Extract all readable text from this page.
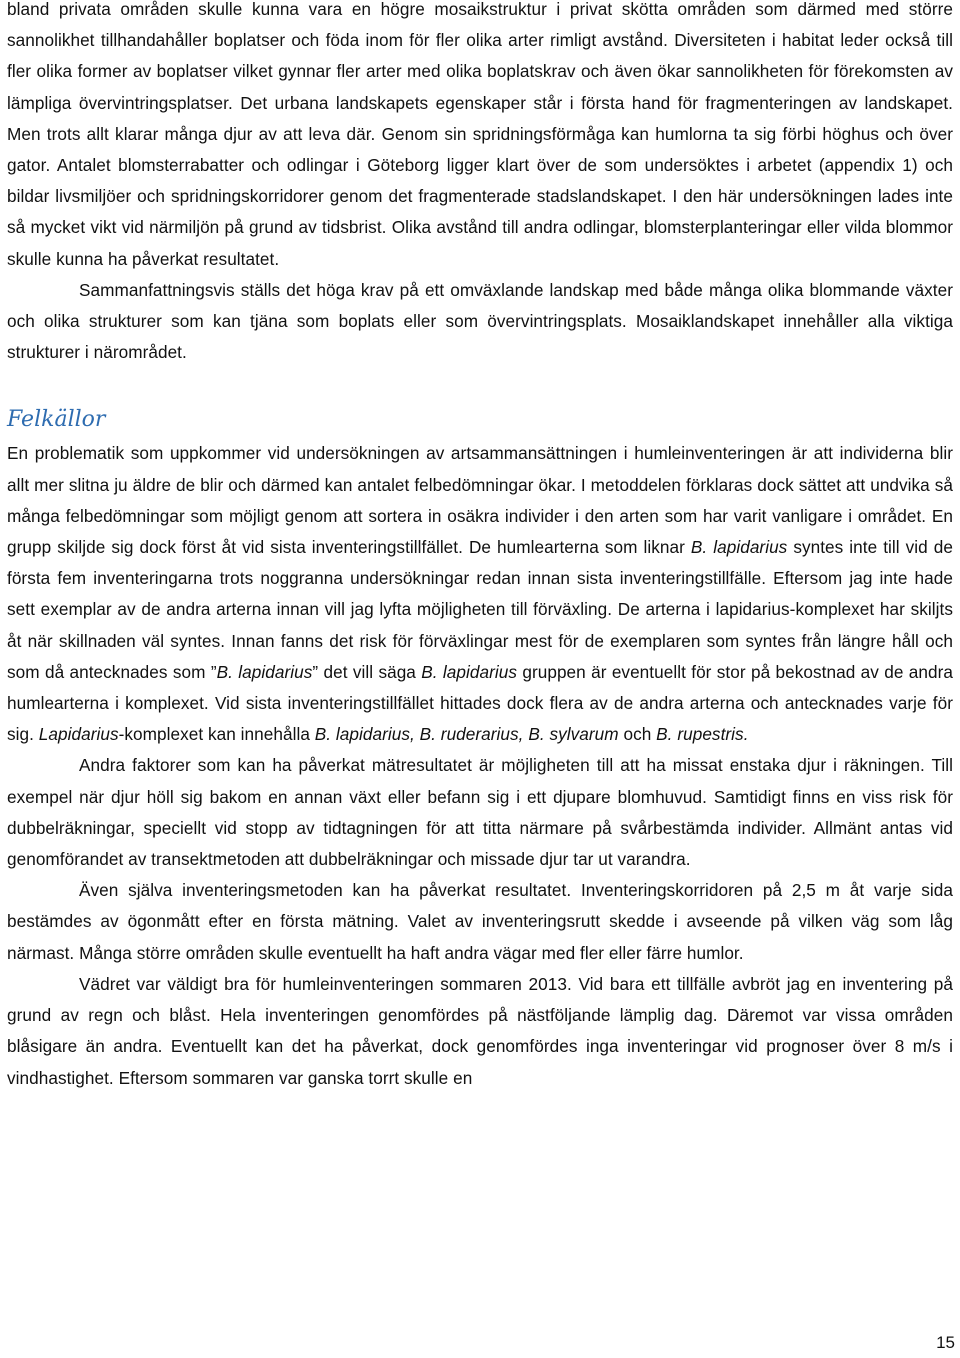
bland privata områden skulle kunna vara en högre mosaikstruktur i privat skötta områden som därmed med större sannolikhet tillhandahåller boplatser och föda inom för fler olika arter rimligt avstånd. Diversiteten i habitat leder också till fler olika former av boplatser vilket gynnar fler arter med olika boplatskrav och även ökar sannolikheten för förekomsten av lämpliga övervintringsplatser. Det urbana landskapets egenskaper står i första hand för fragmenteringen av landskapet. Men trots allt klarar många djur av att leva där. Genom sin spridningsförmåga kan humlorna ta sig förbi höghus och över gator. Antalet blomsterrabatter och odlingar i Göteborg ligger klart över de som undersöktes i arbetet (appendix 1) och bildar livsmiljöer och spridningskorridorer genom det fragmenterade stadslandskapet. I den här undersökningen lades inte så mycket vikt vid närmiljön på grund av tidsbrist. Olika avstånd till andra odlingar, blomsterplanteringar eller vilda blommor skulle kunna ha påverkat resultatet.

Sammanfattningsvis ställs det höga krav på ett omväxlande landskap med både många olika blommande växter och olika strukturer som kan tjäna som boplats eller som övervintringsplats. Mosaiklandskapet innehåller alla viktiga strukturer i närområdet.

Felkällor

En problematik som uppkommer vid undersökningen av artsammansättningen i humleinventeringen är att individerna blir allt mer slitna ju äldre de blir och därmed kan antalet felbedömningar ökar. I metoddelen förklaras dock sättet att undvika så många felbedömningar som möjligt genom att sortera in osäkra individer i den arten som har varit vanligare i området. En grupp skiljde sig dock först åt vid sista inventeringstillfället. De humlearterna som liknar B. lapidarius syntes inte till vid de första fem inventeringarna trots noggranna undersökningar redan innan sista inventeringstillfälle. Eftersom jag inte hade sett exemplar av de andra arterna innan vill jag lyfta möjligheten till förväxling. De arterna i lapidarius-komplexet har skiljts åt när skillnaden väl syntes. Innan fanns det risk för förväxlingar mest för de exemplaren som syntes från längre håll och som då antecknades som ”B. lapidarius” det vill säga B. lapidarius gruppen är eventuellt för stor på bekostnad av de andra humlearterna i komplexet. Vid sista inventeringstillfället hittades dock flera av de andra arterna och antecknades varje för sig. Lapidarius-komplexet kan innehålla B. lapidarius, B. ruderarius, B. sylvarum och B. rupestris.

Andra faktorer som kan ha påverkat mätresultatet är möjligheten till att ha missat enstaka djur i räkningen. Till exempel när djur höll sig bakom en annan växt eller befann sig i ett djupare blomhuvud. Samtidigt finns en viss risk för dubbelräkningar, speciellt vid stopp av tidtagningen för att titta närmare på svårbestämda individer. Allmänt antas vid genomförandet av transektmetoden att dubbelräkningar och missade djur tar ut varandra.

Även själva inventeringsmetoden kan ha påverkat resultatet. Inventeringskorridoren på 2,5 m åt varje sida bestämdes av ögonmått efter en första mätning. Valet av inventeringsrutt skedde i avseende på vilken väg som låg närmast. Många större områden skulle eventuellt ha haft andra vägar med fler eller färre humlor.

Vädret var väldigt bra för humleinventeringen sommaren 2013. Vid bara ett tillfälle avbröt jag en inventering på grund av regn och blåst. Hela inventeringen genomfördes på nästföljande lämplig dag. Däremot var vissa områden blåsigare än andra. Eventuellt kan det ha påverkat, dock genomfördes inga inventeringar vid prognoser över 8 m/s i vindhastighet. Eftersom sommaren var ganska torrt skulle en

15
